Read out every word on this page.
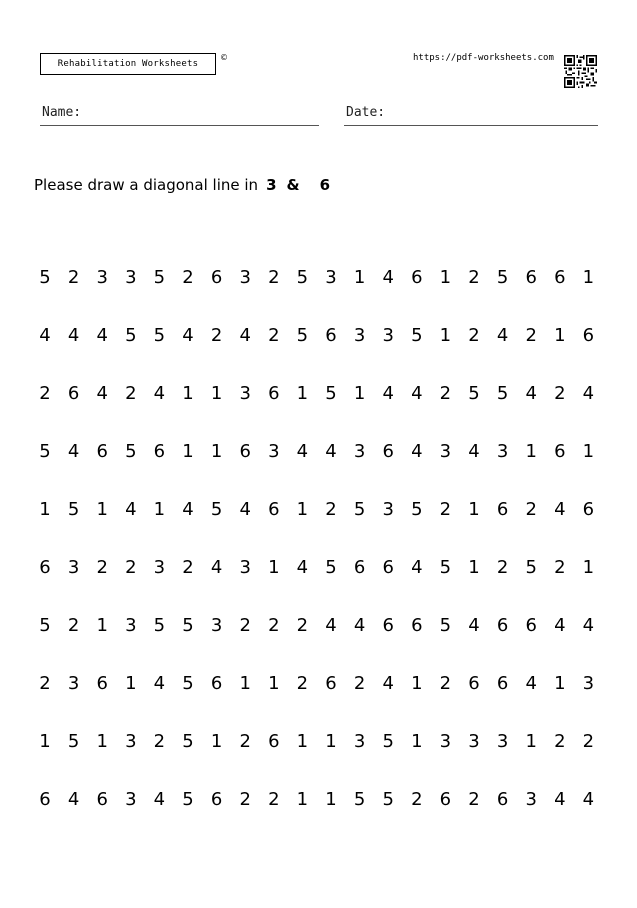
Rehabilitation Worksheets
©	https://pdf-worksheets.com
Name:	Date:
Please draw a diagonal line in 3 & 6
5 2 3 3 5 2 6 3 2 5 3 1 4 6 1 2 5 6 6 1
4 4 4 5 5 4 2 4 2 5 6 3 3 5 1 2 4 2 1 6
2 6 4 2 4 1 1 3 6 1 5 1 4 4 2 5 5 4 2 4
5 4 6 5 6 1 1 6 3 4 4 3 6 4 3 4 3 1 6 1
1 5 1 4 1 4 5 4 6 1 2 5 3 5 2 1 6 2 4 6
6 3 2 2 3 2 4 3 1 4 5 6 6 4 5 1 2 5 2 1
5 2 1 3 5 5 3 2 2 2 4 4 6 6 5 4 6 6 4 4
2 3 6 1 4 5 6 1 1 2 6 2 4 1 2 6 6 4 1 3
1 5 1 3 2 5 1 2 6 1 1 3 5 1 3 3 3 1 2 2
6 4 6 3 4 5 6 2 2 1 1 5 5 2 6 2 6 3 4 4
